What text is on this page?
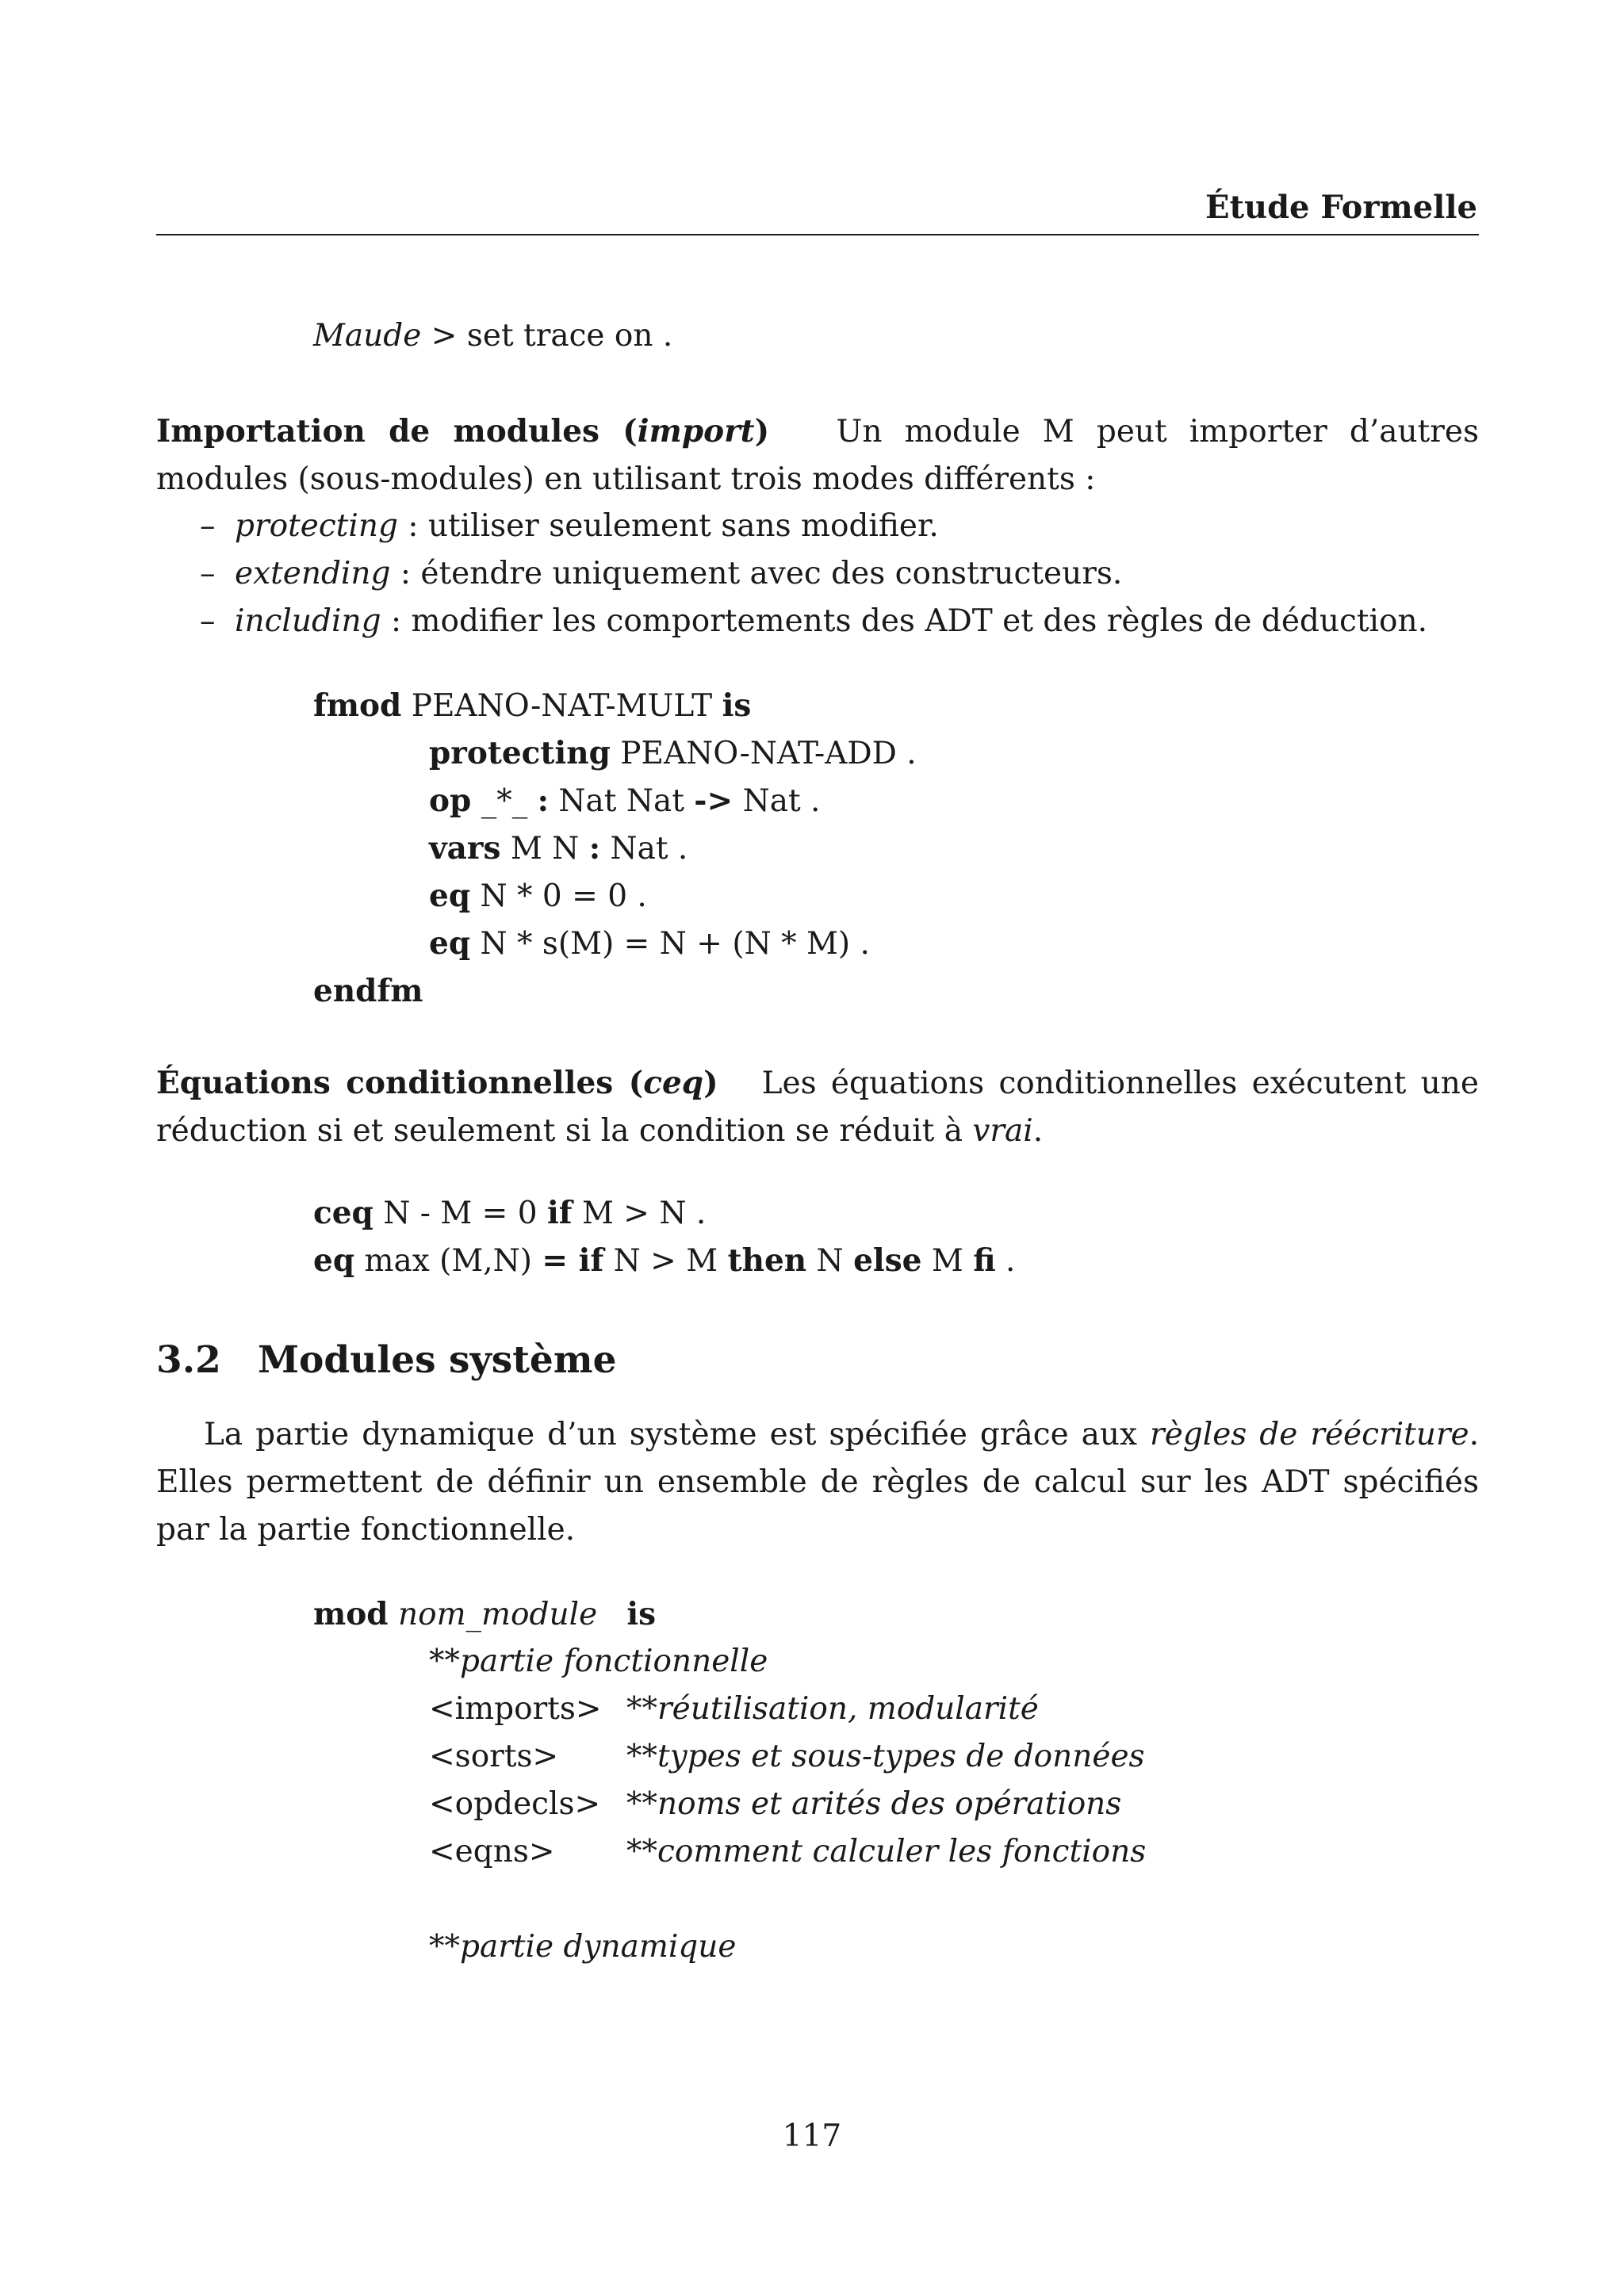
Étude Formelle
Maude > set trace on .
Importation de modules (import) Un module M peut importer d’autres modules (sous-modules) en utilisant trois modes différents :
– protecting : utiliser seulement sans modifier.
– extending : étendre uniquement avec des constructeurs.
– including : modifier les comportements des ADT et des règles de déduction.
fmod PEANO-NAT-MULT is
protecting PEANO-NAT-ADD .
op _*_ : Nat Nat -> Nat .
vars M N : Nat .
eq N * 0 = 0 .
eq N * s(M) = N + (N * M) .
endfm
Équations conditionnelles (ceq) Les équations conditionnelles exécutent une réduction si et seulement si la condition se réduit à vrai.
ceq N - M = 0 if M > N .
eq max (M,N) = if N > M then N else M fi .
3.2 Modules système
La partie dynamique d’un système est spécifiée grâce aux règles de réécriture. Elles permettent de définir un ensemble de règles de calcul sur les ADT spécifiés par la partie fonctionnelle.
mod nom_module is
**partie fonctionnelle
<imports> **réutilisation, modularité
<sorts> **types et sous-types de données
<opdecls> **noms et arités des opérations
<eqns> **comment calculer les fonctions
**partie dynamique
117
